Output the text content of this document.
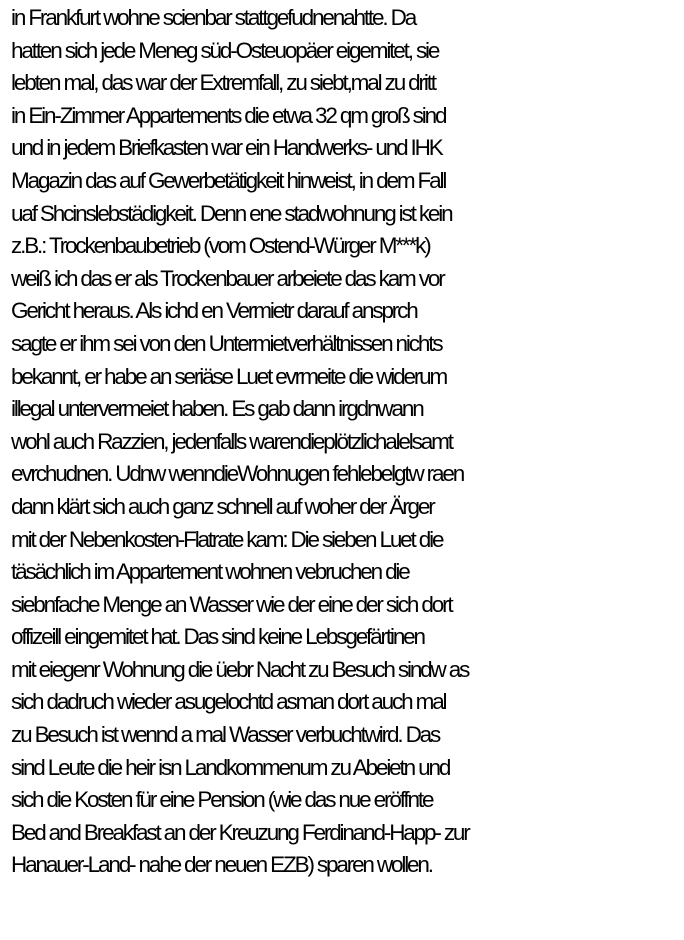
in Frankfurt wohne scienbar stattgefudnenahtte. Da
hatten sich jede Meneg süd-Osteuopäer eigemitet, sie
lebten mal, das war der Extremfall, zu siebt,mal zu dritt
in Ein-Zimmer Appartements die etwa 32 qm groß sind
und in jedem Briefkasten war ein Handwerks- und IHK
Magazin das auf Gewerbetätigkeit hinweist, in dem Fall
uaf Shcinslebstädigkeit. Denn ene stadwohnung ist kein
z.B.: Trockenbaubetrieb (vom Ostend-Würger M***k)
weiß ich das er als Trockenbauer arbeiete das kam vor
Gericht heraus. Als ichd en Vermietr darauf ansprch
sagte er ihm sei von den Untermietverhältnissen nichts
bekannt, er habe an seriäse Luet evrmeite die widerum
illegal untervermeiet haben. Es gab dann irgdnwann
wohl auch Razzien, jedenfalls warendieplötzlichalelsamt
evrchudnen. Udnw wenndieWohnugen fehlebelgtw raen
dann klärt sich auch ganz schnell auf woher der Ärger
mit der Nebenkosten-Flatrate kam: Die sieben Luet die
täsächlich im Appartement wohnen vebruchen die
siebnfache Menge an Wasser wie der eine der sich dort
offizeill eingemitet hat. Das sind keine Lebsgefärtinen
mit eiegenr Wohnung die üebr Nacht zu Besuch sindw as
sich dadruch wieder asugelochtd asman dort auch mal
zu Besuch ist wennd a mal Wasser verbuchtwird. Das
sind Leute die heir isn Landkommenum zu Abeietn und
sich die Kosten für eine Pension (wie das nue eröffnte
Bed and Breakfast an der Kreuzung Ferdinand-Happ- zur
Hanauer-Land- nahe der neuen EZB) sparen wollen.
